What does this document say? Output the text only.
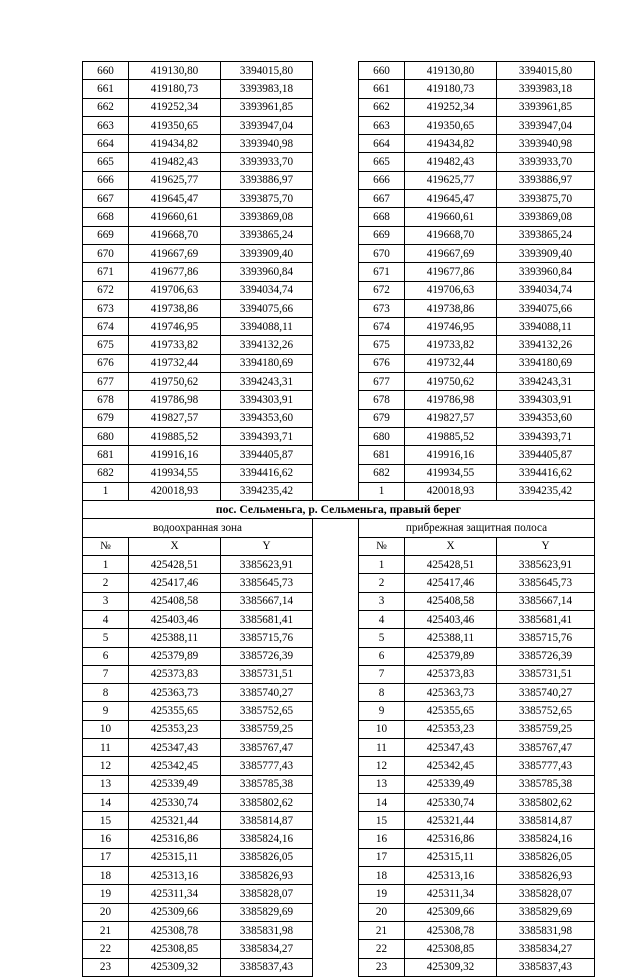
660	419130,80	3394015,80		660	419130,80	3394015,80
661	419180,73	3393983,18		661	419180,73	3393983,18
662	419252,34	3393961,85		662	419252,34	3393961,85
663	419350,65	3393947,04		663	419350,65	3393947,04
664	419434,82	3393940,98		664	419434,82	3393940,98
665	419482,43	3393933,70		665	419482,43	3393933,70
666	419625,77	3393886,97		666	419625,77	3393886,97
667	419645,47	3393875,70		667	419645,47	3393875,70
668	419660,61	3393869,08		668	419660,61	3393869,08
669	419668,70	3393865,24		669	419668,70	3393865,24
670	419667,69	3393909,40		670	419667,69	3393909,40
671	419677,86	3393960,84		671	419677,86	3393960,84
672	419706,63	3394034,74		672	419706,63	3394034,74
673	419738,86	3394075,66		673	419738,86	3394075,66
674	419746,95	3394088,11		674	419746,95	3394088,11
675	419733,82	3394132,26		675	419733,82	3394132,26
676	419732,44	3394180,69		676	419732,44	3394180,69
677	419750,62	3394243,31		677	419750,62	3394243,31
678	419786,98	3394303,91		678	419786,98	3394303,91
679	419827,57	3394353,60		679	419827,57	3394353,60
680	419885,52	3394393,71		680	419885,52	3394393,71
681	419916,16	3394405,87		681	419916,16	3394405,87
682	419934,55	3394416,62		682	419934,55	3394416,62
1	420018,93	3394235,42		1	420018,93	3394235,42
пос. Сельменьга, р. Сельменьга, правый берег						
водоохранная зона				прибрежная защитная полоса		
№	X	Y		№	X	Y
1	425428,51	3385623,91		1	425428,51	3385623,91
2	425417,46	3385645,73		2	425417,46	3385645,73
3	425408,58	3385667,14		3	425408,58	3385667,14
4	425403,46	3385681,41		4	425403,46	3385681,41
5	425388,11	3385715,76		5	425388,11	3385715,76
6	425379,89	3385726,39		6	425379,89	3385726,39
7	425373,83	3385731,51		7	425373,83	3385731,51
8	425363,73	3385740,27		8	425363,73	3385740,27
9	425355,65	3385752,65		9	425355,65	3385752,65
10	425353,23	3385759,25		10	425353,23	3385759,25
11	425347,43	3385767,47		11	425347,43	3385767,47
12	425342,45	3385777,43		12	425342,45	3385777,43
13	425339,49	3385785,38		13	425339,49	3385785,38
14	425330,74	3385802,62		14	425330,74	3385802,62
15	425321,44	3385814,87		15	425321,44	3385814,87
16	425316,86	3385824,16		16	425316,86	3385824,16
17	425315,11	3385826,05		17	425315,11	3385826,05
18	425313,16	3385826,93		18	425313,16	3385826,93
19	425311,34	3385828,07		19	425311,34	3385828,07
20	425309,66	3385829,69		20	425309,66	3385829,69
21	425308,78	3385831,98		21	425308,78	3385831,98
22	425308,85	3385834,27		22	425308,85	3385834,27
23	425309,32	3385837,43		23	425309,32	3385837,43
